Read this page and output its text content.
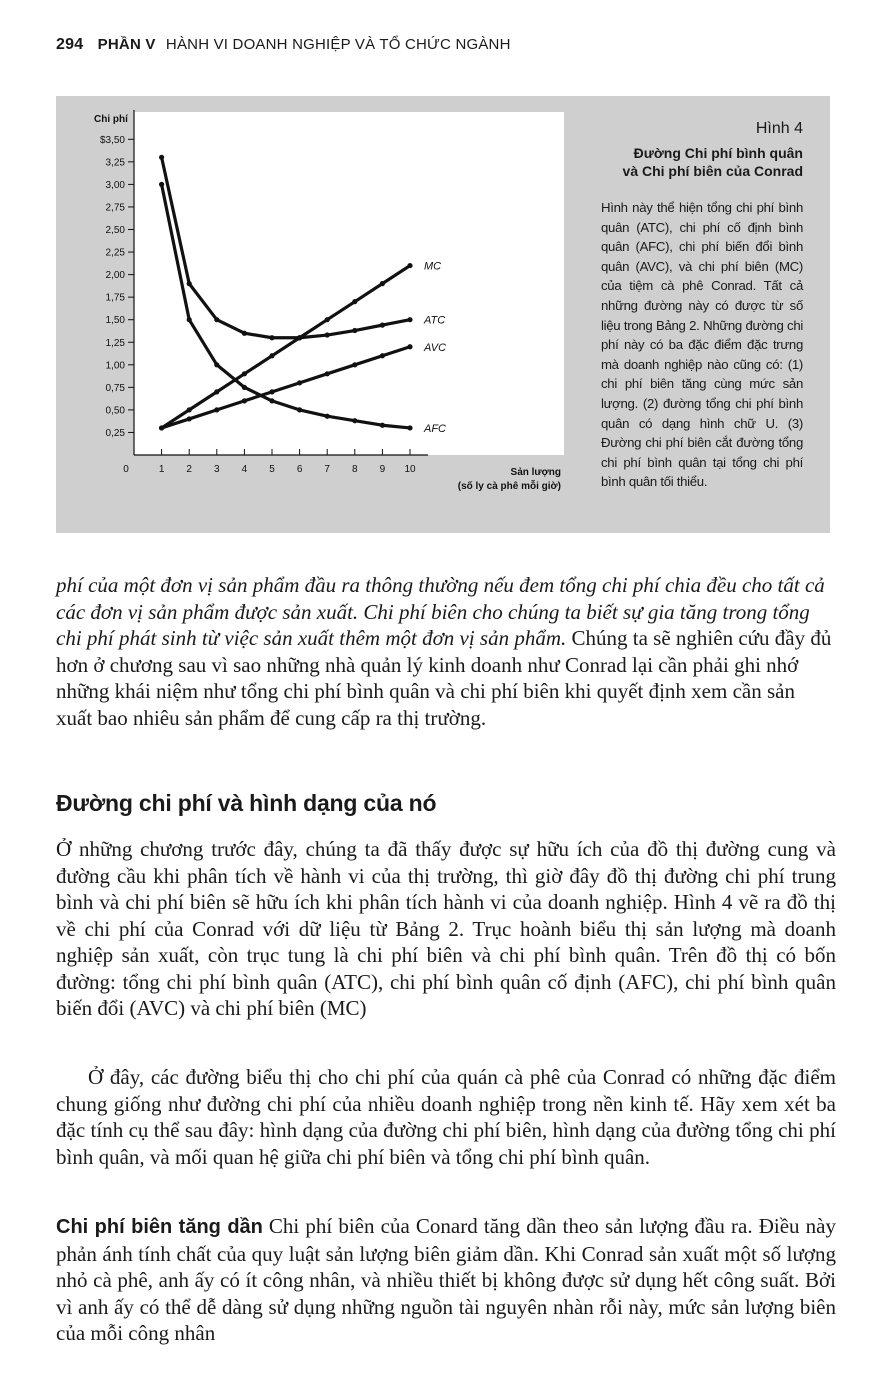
294 PHẦN V HÀNH VI DOANH NGHIỆP VÀ TỔ CHỨC NGÀNH
0,25
0,50
0,75
1,00
1,25
1,50
1,75
2,00
2,25
2,50
2,75
3,00
3,25
$3,50
Chi phí
0	1 2 3 4 5 6 7 8 9 10	Sản lượng
(số ly cà phê mỗi giờ)
MC
ATC
AVC
AFC
Hình 4
Đường Chi phí bình quân
và Chi phí biên của Conrad
Hình này thể hiện tổng chi phí bình quân (ATC), chi phí cố định bình quân (AFC), chi phí biến đổi bình quân (AVC), và chi phí biên (MC) của tiệm cà phê Conrad. Tất cả những đường này có được từ số liệu trong Bảng 2. Những đường chi phí này có ba đặc điểm đặc trưng mà doanh nghiệp nào cũng có: (1) chi phí biên tăng cùng mức sản lượng. (2) đường tổng chi phí bình quân có dạng hình chữ U. (3) Đường chi phí biên cắt đường tổng chi phí bình quân tại tổng chi phí bình quân tối thiểu.
phí của một đơn vị sản phẩm đầu ra thông thường nếu đem tổng chi phí chia đều cho tất cả các đơn vị sản phẩm được sản xuất. Chi phí biên cho chúng ta biết sự gia tăng trong tổng chi phí phát sinh từ việc sản xuất thêm một đơn vị sản phẩm. Chúng ta sẽ nghiên cứu đầy đủ hơn ở chương sau vì sao những nhà quản lý kinh doanh như Conrad lại cần phải ghi nhớ những khái niệm như tổng chi phí bình quân và chi phí biên khi quyết định xem cần sản xuất bao nhiêu sản phẩm để cung cấp ra thị trường.
Đường chi phí và hình dạng của nó
Ở những chương trước đây, chúng ta đã thấy được sự hữu ích của đồ thị đường cung và đường cầu khi phân tích về hành vi của thị trường, thì giờ đây đồ thị đường chi phí trung bình và chi phí biên sẽ hữu ích khi phân tích hành vi của doanh nghiệp. Hình 4 vẽ ra đồ thị về chi phí của Conrad với dữ liệu từ Bảng 2. Trục hoành biểu thị sản lượng mà doanh nghiệp sản xuất, còn trục tung là chi phí biên và chi phí bình quân. Trên đồ thị có bốn đường: tổng chi phí bình quân (ATC), chi phí bình quân cố định (AFC), chi phí bình quân biến đổi (AVC) và chi phí biên (MC)
Ở đây, các đường biểu thị cho chi phí của quán cà phê của Conrad có những đặc điểm chung giống như đường chi phí của nhiều doanh nghiệp trong nền kinh tế. Hãy xem xét ba đặc tính cụ thể sau đây: hình dạng của đường chi phí biên, hình dạng của đường tổng chi phí bình quân, và mối quan hệ giữa chi phí biên và tổng chi phí bình quân.
Chi phí biên tăng dần Chi phí biên của Conard tăng dần theo sản lượng đầu ra. Điều này phản ánh tính chất của quy luật sản lượng biên giảm dần. Khi Conrad sản xuất một số lượng nhỏ cà phê, anh ấy có ít công nhân, và nhiều thiết bị không được sử dụng hết công suất. Bởi vì anh ấy có thể dễ dàng sử dụng những nguồn tài nguyên nhàn rỗi này, mức sản lượng biên của mỗi công nhân
